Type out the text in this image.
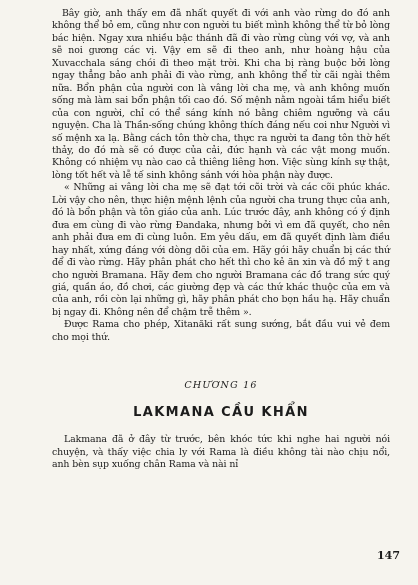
Bây giờ, anh thấy em đã nhất quyết đi với anh vào rừng do đó anh không thể bỏ em, cũng như con người tu biết mình không thể từ bỏ lòng bác hiện. Ngay xưa nhiều bậc thánh đã đi vào rừng cùng với vợ, và anh sẽ noi gương các vị. Vậy em sẽ đi theo anh, như hoàng hậu của Xuvacchala sáng chói đi theo mặt trời. Khi cha bị ràng buộc bởi lòng ngay thẳng bảo anh phải đi vào rừng, anh không thể từ cãi ngài thêm nữa. Bổn phận của người con là vâng lời cha mẹ, và anh không muốn sống mà làm sai bổn phận tối cao đó. Số mệnh nằm ngoài tầm hiểu biết của con người, chỉ có thể sáng kính nó bằng chiêm ngưỡng và cầu nguyện. Cha là Thần-sống chúng không thích đáng nếu coi như Người vì số mệnh xa lạ. Bằng cách tôn thờ cha, thực ra người ta đang tôn thờ hết thảy, do đó mà sẽ có được của cải, đức hạnh và các vật mong muốn. Không có nhiệm vụ nào cao cả thiêng liêng hơn. Việc sùng kính sự thật, lòng tốt hết và lễ tế sinh không sánh với hòa phận này được.

« Những ai vâng lời cha mẹ sẽ đạt tới cõi trời và các cõi phúc khác. Lời vậy cho nên, thực hiện mệnh lệnh của người cha trung thực của anh, đó là bổn phận và tôn giáo của anh. Lúc trước đây, anh không có ý định đưa em cùng đi vào rừng Đandaka, nhưng bởi vì em đã quyết, cho nên anh phải đưa em đi cùng luôn. Em yêu dấu, em đã quyết định làm điều hay nhất, xứng đáng với dòng dõi của em. Hãy gói hãy chuẩn bị các thứ để đi vào rừng. Hãy phân phát cho hết thì cho kẻ ăn xin và đồ mỹ t ang cho người Bramana. Hãy đem cho người Bramana các đồ trang sức quý giá, quần áo, đồ chơi, các giường đẹp và các thứ khác thuộc của em và của anh, rồi còn lại những gì, hãy phân phát cho bọn hầu hạ. Hãy chuẩn bị ngay đi. Không nên để chậm trễ thêm ».

Được Rama cho phép, Xitanăki rất sung sướng, bắt đầu vui vẻ đem cho mọi thứ.

CHƯƠNG 16
LAKMANA CẦU KHẨN

Lakmana đã ở đây từ trước, bên khóc tức khi nghe hai người nói chuyện, và thấy việc chia ly với Rama là điều không tài nào chịu nổi, anh bèn sụp xuống chân Rama và nài nỉ

147
